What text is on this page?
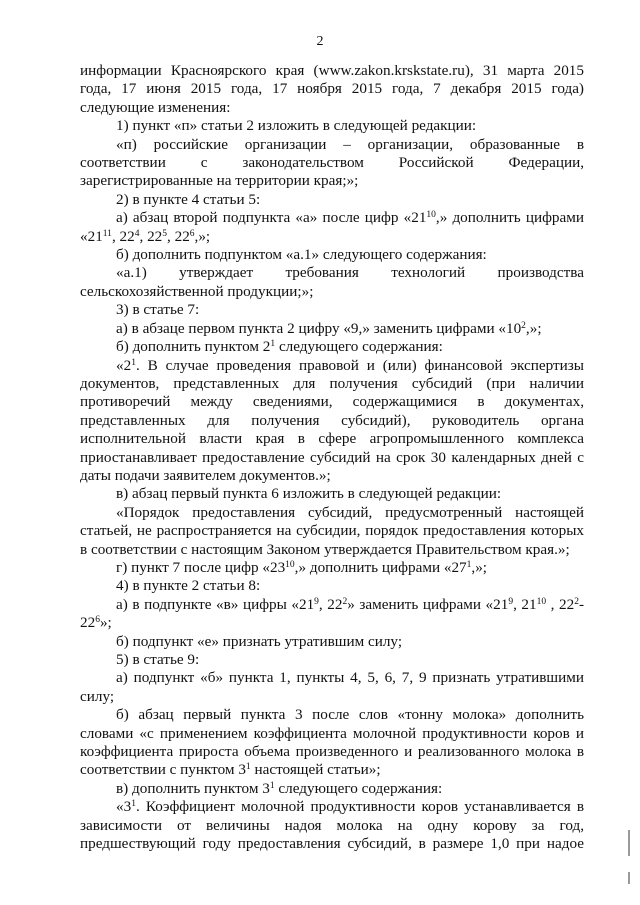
2

информации Красноярского края (www.zakon.krskstate.ru), 31 марта 2015 года, 17 июня 2015 года, 17 ноября 2015 года, 7 декабря 2015 года) следующие изменения:

1) пункт «п» статьи 2 изложить в следующей редакции:

«п) российские организации – организации, образованные в соответствии с законодательством Российской Федерации, зарегистрированные на территории края;»;

2) в пункте 4 статьи 5:

а) абзац второй подпункта «а» после цифр «$21^{10}$,» дополнить цифрами «$21^{11}$, $22^4$, $22^5$, $22^6$,»;

б) дополнить подпунктом «а.1» следующего содержания:

«а.1) утверждает требования технологий производства сельскохозяйственной продукции;»;

3) в статье 7:

а) в абзаце первом пункта 2 цифру «9,» заменить цифрами «$10^2$,»;

б) дополнить пунктом $2^1$ следующего содержания:

«$2^1$. В случае проведения правовой и (или) финансовой экспертизы документов, представленных для получения субсидий (при наличии противоречий между сведениями, содержащимися в документах, представленных для получения субсидий), руководитель органа исполнительной власти края в сфере агропромышленного комплекса приостанавливает предоставление субсидий на срок 30 календарных дней с даты подачи заявителем документов.»;

в) абзац первый пункта 6 изложить в следующей редакции:

«Порядок предоставления субсидий, предусмотренный настоящей статьей, не распространяется на субсидии, порядок предоставления которых в соответствии с настоящим Законом утверждается Правительством края.»;

г) пункт 7 после цифр «$23^{10}$,» дополнить цифрами «$27^1$,»;

4) в пункте 2 статьи 8:

а) в подпункте «в» цифры «$21^9$, $22^2$» заменить цифрами «$21^9$, $21^{10}$ , $22^2-22^6$»;

б) подпункт «е» признать утратившим силу;

5) в статье 9:

а) подпункт «б» пункта 1, пункты 4, 5, 6, 7, 9 признать утратившими силу;

б) абзац первый пункта 3 после слов «тонну молока» дополнить словами «с применением коэффициента молочной продуктивности коров и коэффициента прироста объема произведенного и реализованного молока в соответствии с пунктом $3^1$ настоящей статьи»;

в) дополнить пунктом $3^1$ следующего содержания:

«$3^1$. Коэффициент молочной продуктивности коров устанавливается в зависимости от величины надоя молока на одну корову за год, предшествующий году предоставления субсидий, в размере 1,0 при надое
